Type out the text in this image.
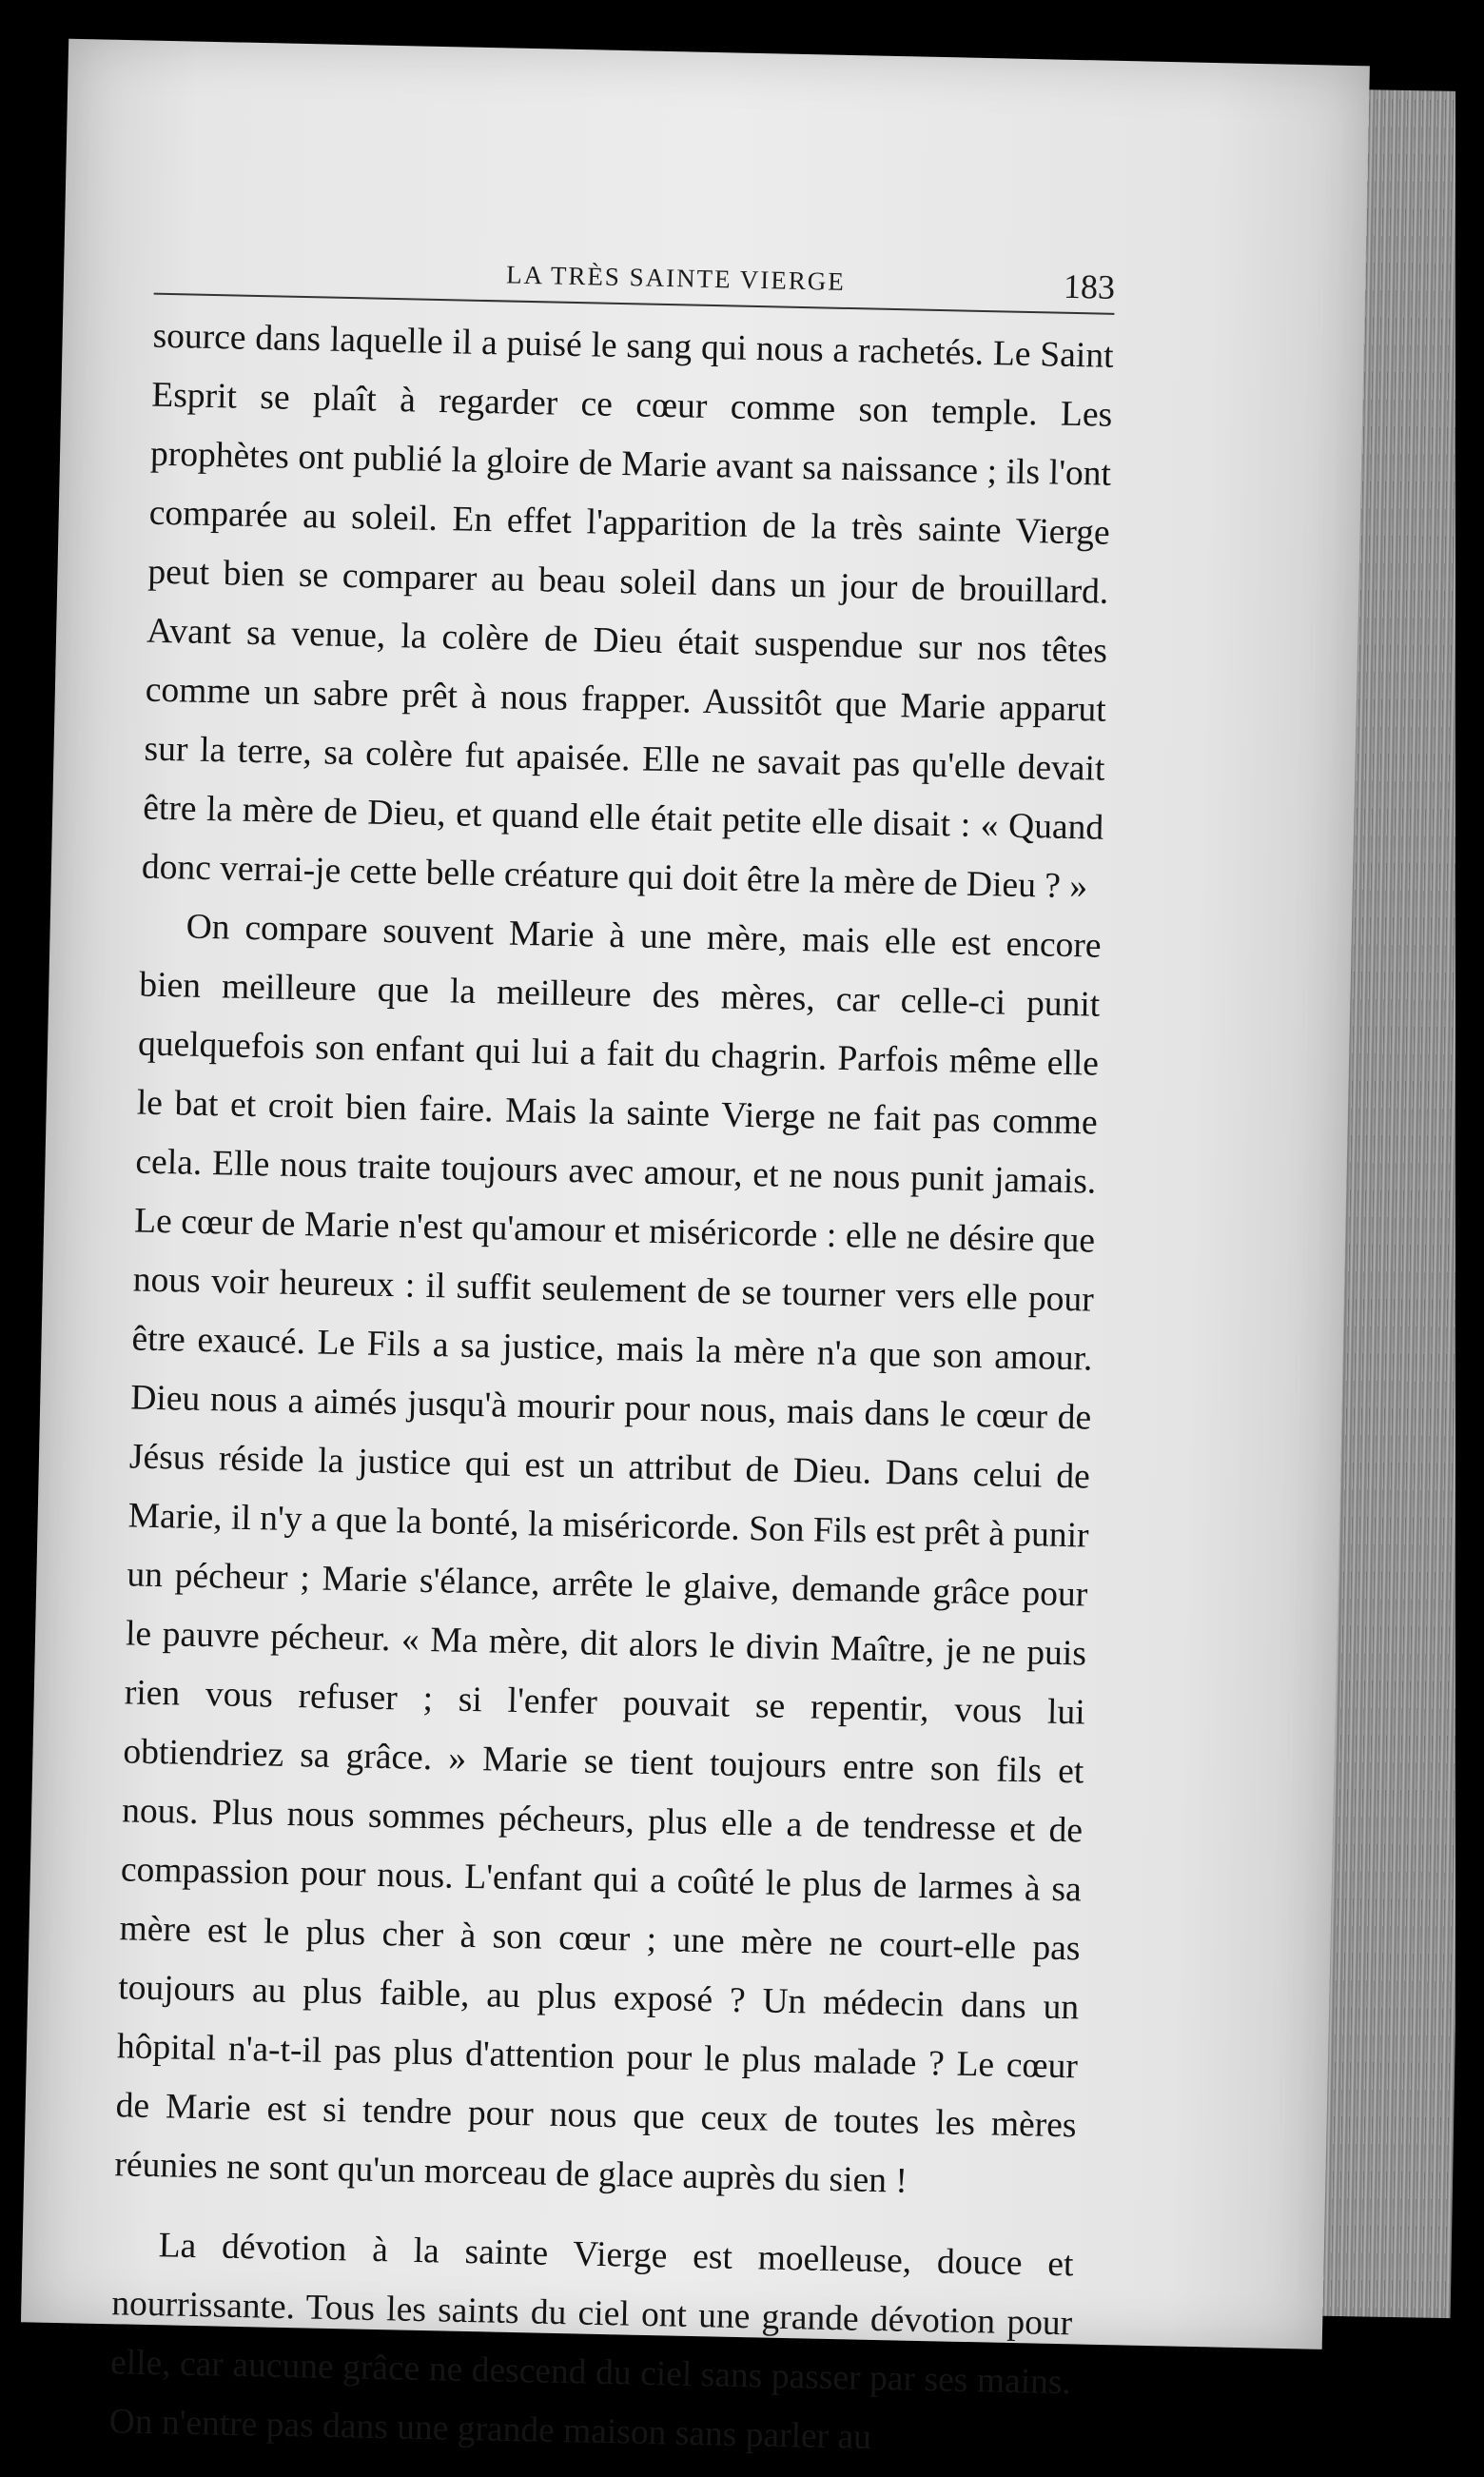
LA TRÈS SAINTE VIERGE	183

source dans laquelle il a puisé le sang qui nous a rachetés. Le Saint Esprit se plaît à regarder ce cœur comme son temple. Les prophètes ont publié la gloire de Marie avant sa naissance ; ils l'ont comparée au soleil. En effet l'apparition de la très sainte Vierge peut bien se comparer au beau soleil dans un jour de brouillard. Avant sa venue, la colère de Dieu était suspendue sur nos têtes comme un sabre prêt à nous frapper. Aussitôt que Marie apparut sur la terre, sa colère fut apaisée. Elle ne savait pas qu'elle devait être la mère de Dieu, et quand elle était petite elle disait : « Quand donc verrai-je cette belle créature qui doit être la mère de Dieu ? »

On compare souvent Marie à une mère, mais elle est encore bien meilleure que la meilleure des mères, car celle-ci punit quelquefois son enfant qui lui a fait du chagrin. Parfois même elle le bat et croit bien faire. Mais la sainte Vierge ne fait pas comme cela. Elle nous traite toujours avec amour, et ne nous punit jamais. Le cœur de Marie n'est qu'amour et miséricorde : elle ne désire que nous voir heureux : il suffit seulement de se tourner vers elle pour être exaucé. Le Fils a sa justice, mais la mère n'a que son amour. Dieu nous a aimés jusqu'à mourir pour nous, mais dans le cœur de Jésus réside la justice qui est un attribut de Dieu. Dans celui de Marie, il n'y a que la bonté, la miséricorde. Son Fils est prêt à punir un pécheur ; Marie s'élance, arrête le glaive, demande grâce pour le pauvre pécheur. « Ma mère, dit alors le divin Maître, je ne puis rien vous refuser ; si l'enfer pouvait se repentir, vous lui obtiendriez sa grâce. » Marie se tient toujours entre son fils et nous. Plus nous sommes pécheurs, plus elle a de tendresse et de compassion pour nous. L'enfant qui a coûté le plus de larmes à sa mère est le plus cher à son cœur ; une mère ne court-elle pas toujours au plus faible, au plus exposé ? Un médecin dans un hôpital n'a-t-il pas plus d'attention pour le plus malade ? Le cœur de Marie est si tendre pour nous que ceux de toutes les mères réunies ne sont qu'un morceau de glace auprès du sien !

La dévotion à la sainte Vierge est moelleuse, douce et nourrissante. Tous les saints du ciel ont une grande dévotion pour elle, car aucune grâce ne descend du ciel sans passer par ses mains. On n'entre pas dans une grande maison sans parler au
